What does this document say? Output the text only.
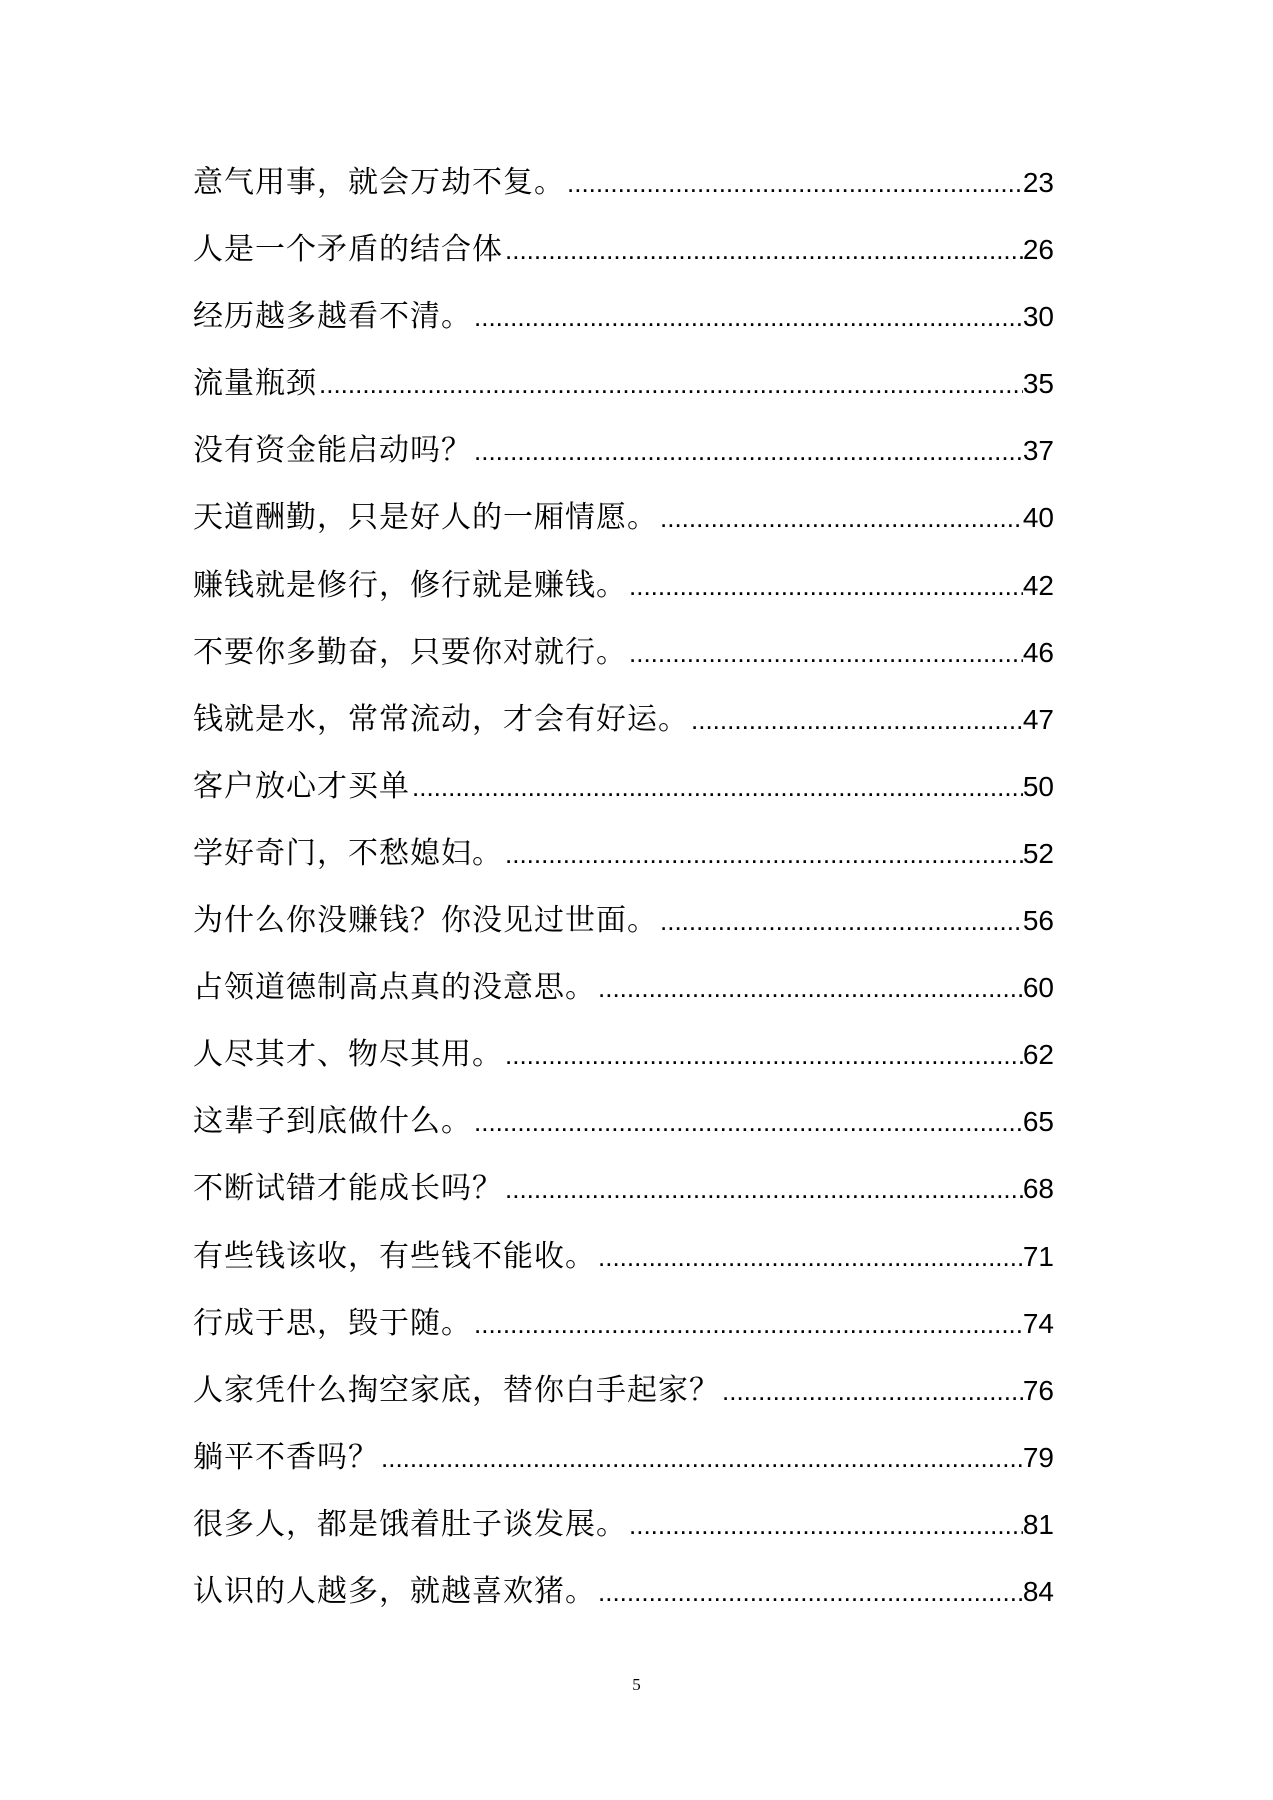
意气用事，就会万劫不复。 .....	23
人是一个矛盾的结合体 .....	26
经历越多越看不清。 .....	30
流量瓶颈 .....	35
没有资金能启动吗？ .....	37
天道酬勤，只是好人的一厢情愿。 .....	40
赚钱就是修行，修行就是赚钱。 .....	42
不要你多勤奋，只要你对就行。 .....	46
钱就是水，常常流动，才会有好运。 .....	47
客户放心才买单 .....	50
学好奇门，不愁媳妇。 .....	52
为什么你没赚钱？你没见过世面。 .....	56
占领道德制高点真的没意思。 .....	60
人尽其才、物尽其用。 .....	62
这辈子到底做什么。 .....	65
不断试错才能成长吗？ .....	68
有些钱该收，有些钱不能收。 .....	71
行成于思，毁于随。 .....	74
人家凭什么掏空家底，替你白手起家？ .....	76
躺平不香吗？ .....	79
很多人，都是饿着肚子谈发展。 .....	81
认识的人越多，就越喜欢猪。 .....	84
5
